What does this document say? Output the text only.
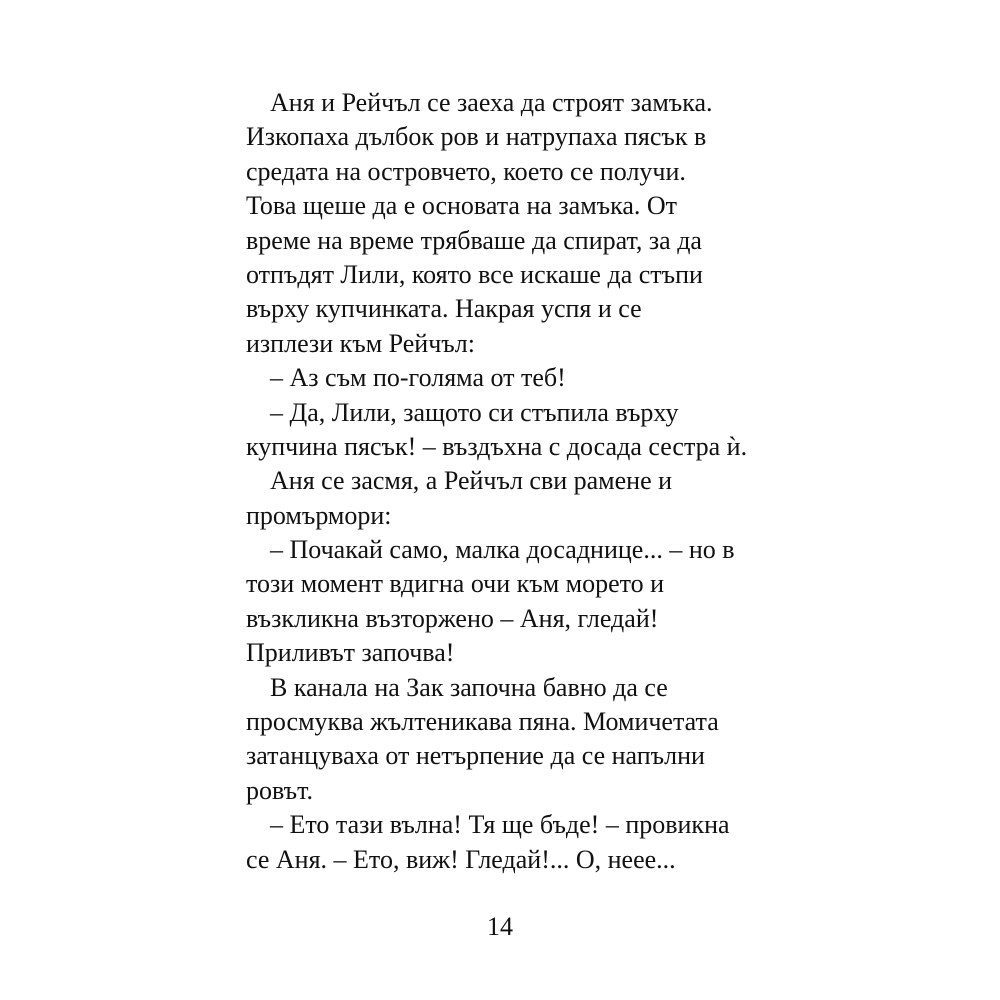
Аня и Рейчъл се заеха да строят замъка.
Изкопаха дълбок ров и натрупаха пясък в
средата на островчето, което се получи.
Това щеше да е основата на замъка. От
време на време трябваше да спират, за да
отпъдят Лили, която все искаше да стъпи
върху купчинката. Накрая успя и се
изплези към Рейчъл:
– Аз съм по-голяма от теб!
– Да, Лили, защото си стъпила върху
купчина пясък! – въздъхна с досада сестра ѝ.
Аня се засмя, а Рейчъл сви рамене и
промърмори:
– Почакай само, малка досаднице... – но в
този момент вдигна очи към морето и
възкликна възторжено – Аня, гледай!
Приливът започва!
В канала на Зак започна бавно да се
просмуква жълтеникава пяна. Момичетата
затанцуваха от нетърпение да се напълни
ровът.
– Ето тази вълна! Тя ще бъде! – провикна
се Аня. – Ето, виж! Гледай!... О, неее...
14
